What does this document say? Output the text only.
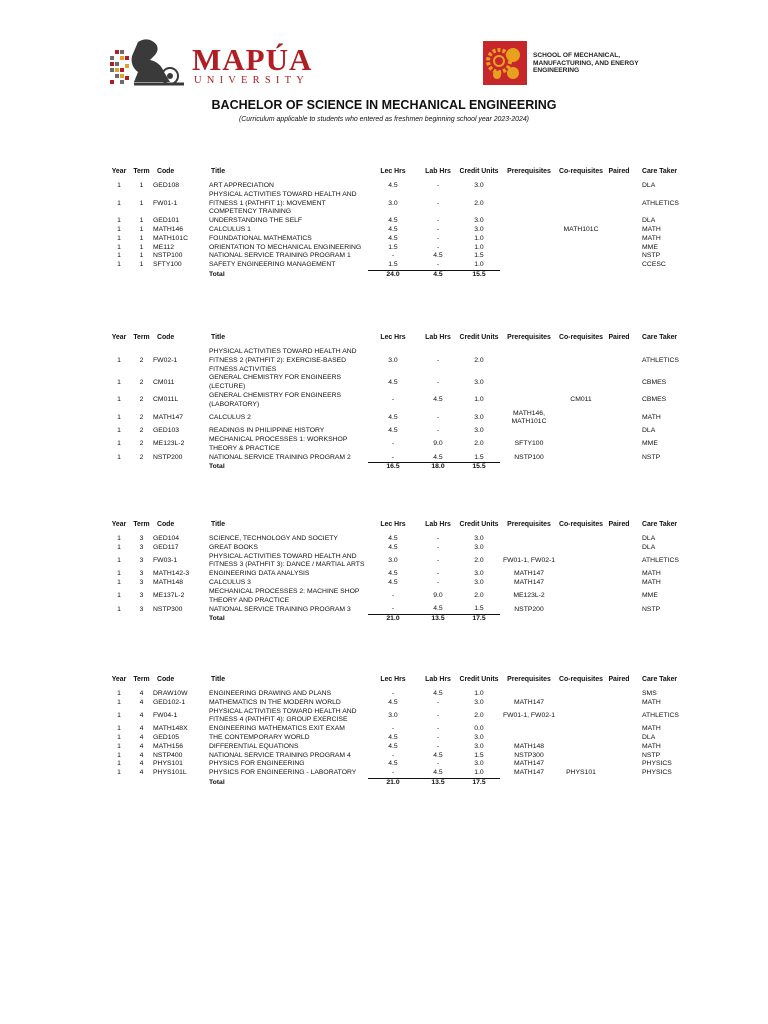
MAPÚA
UNIVERSITY
SCHOOL OF MECHANICAL, MANUFACTURING, AND ENERGY ENGINEERING
BACHELOR OF SCIENCE IN MECHANICAL ENGINEERING
(Curriculum applicable to students who entered as freshmen beginning school year 2023-2024)
Year	Term	Code	Title	Lec Hrs	Lab Hrs	Credit Units	Prerequisites	Co-requisites	Paired	Care Taker
1	1	GED108	ART APPRECIATION	4.5	-	3.0				DLA
1	1	FW01-1	PHYSICAL ACTIVITIES TOWARD HEALTH AND FITNESS 1 (PATHFIT 1): MOVEMENT COMPETENCY TRAINING	3.0	-	2.0				ATHLETICS
1	1	GED101	UNDERSTANDING THE SELF	4.5	-	3.0				DLA
1	1	MATH146	CALCULUS 1	4.5	-	3.0		MATH101C		MATH
1	1	MATH101C	FOUNDATIONAL MATHEMATICS	4.5	-	1.0				MATH
1	1	ME112	ORIENTATION TO MECHANICAL ENGINEERING	1.5	-	1.0				MME
1	1	NSTP100	NATIONAL SERVICE TRAINING PROGRAM 1	-	4.5	1.5				NSTP
1	1	SFTY100	SAFETY ENGINEERING MANAGEMENT	1.5	-	1.0				CCESC
			Total	24.0	4.5	15.5				
Year	Term	Code	Title	Lec Hrs	Lab Hrs	Credit Units	Prerequisites	Co-requisites	Paired	Care Taker
1	2	FW02-1	PHYSICAL ACTIVITIES TOWARD HEALTH AND FITNESS 2 (PATHFIT 2): EXERCISE-BASED FITNESS ACTIVITIES	3.0	-	2.0				ATHLETICS
1	2	CM011	GENERAL CHEMISTRY FOR ENGINEERS (LECTURE)	4.5	-	3.0				CBMES
1	2	CM011L	GENERAL CHEMISTRY FOR ENGINEERS (LABORATORY)	-	4.5	1.0		CM011		CBMES
1	2	MATH147	CALCULUS 2	4.5	-	3.0	MATH146, MATH101C			MATH
1	2	GED103	READINGS IN PHILIPPINE HISTORY	4.5	-	3.0				DLA
1	2	ME123L-2	MECHANICAL PROCESSES 1: WORKSHOP THEORY & PRACTICE	-	9.0	2.0	SFTY100			MME
1	2	NSTP200	NATIONAL SERVICE TRAINING PROGRAM 2	-	4.5	1.5	NSTP100			NSTP
			Total	16.5	18.0	15.5				
Year	Term	Code	Title	Lec Hrs	Lab Hrs	Credit Units	Prerequisites	Co-requisites	Paired	Care Taker
1	3	GED104	SCIENCE, TECHNOLOGY AND SOCIETY	4.5	-	3.0				DLA
1	3	GED117	GREAT BOOKS	4.5	-	3.0				DLA
1	3	FW03-1	PHYSICAL ACTIVITIES TOWARD HEALTH AND FITNESS 3 (PATHFIT 3): DANCE / MARTIAL ARTS	3.0	-	2.0	FW01-1, FW02-1			ATHLETICS
1	3	MATH142-3	ENGINEERING DATA ANALYSIS	4.5	-	3.0	MATH147			MATH
1	3	MATH148	CALCULUS 3	4.5	-	3.0	MATH147			MATH
1	3	ME137L-2	MECHANICAL PROCESSES 2: MACHINE SHOP THEORY AND PRACTICE	-	9.0	2.0	ME123L-2			MME
1	3	NSTP300	NATIONAL SERVICE TRAINING PROGRAM 3	-	4.5	1.5	NSTP200			NSTP
			Total	21.0	13.5	17.5				
Year	Term	Code	Title	Lec Hrs	Lab Hrs	Credit Units	Prerequisites	Co-requisites	Paired	Care Taker
1	4	DRAW10W	ENGINEERING DRAWING AND PLANS	-	4.5	1.0				SMS
1	4	GED102-1	MATHEMATICS IN THE MODERN WORLD	4.5	-	3.0	MATH147			MATH
1	4	FW04-1	PHYSICAL ACTIVITIES TOWARD HEALTH AND FITNESS 4 (PATHFIT 4): GROUP EXERCISE	3.0	-	2.0	FW01-1, FW02-1			ATHLETICS
1	4	MATH148X	ENGINEERING MATHEMATICS EXIT EXAM	-	-	0.0				MATH
1	4	GED105	THE CONTEMPORARY WORLD	4.5	-	3.0				DLA
1	4	MATH156	DIFFERENTIAL EQUATIONS	4.5	-	3.0	MATH148			MATH
1	4	NSTP400	NATIONAL SERVICE TRAINING PROGRAM 4	-	4.5	1.5	NSTP300			NSTP
1	4	PHYS101	PHYSICS FOR ENGINEERING	4.5	-	3.0	MATH147			PHYSICS
1	4	PHYS101L	PHYSICS FOR ENGINEERING - LABORATORY	-	4.5	1.0	MATH147	PHYS101		PHYSICS
			Total	21.0	13.5	17.5				
